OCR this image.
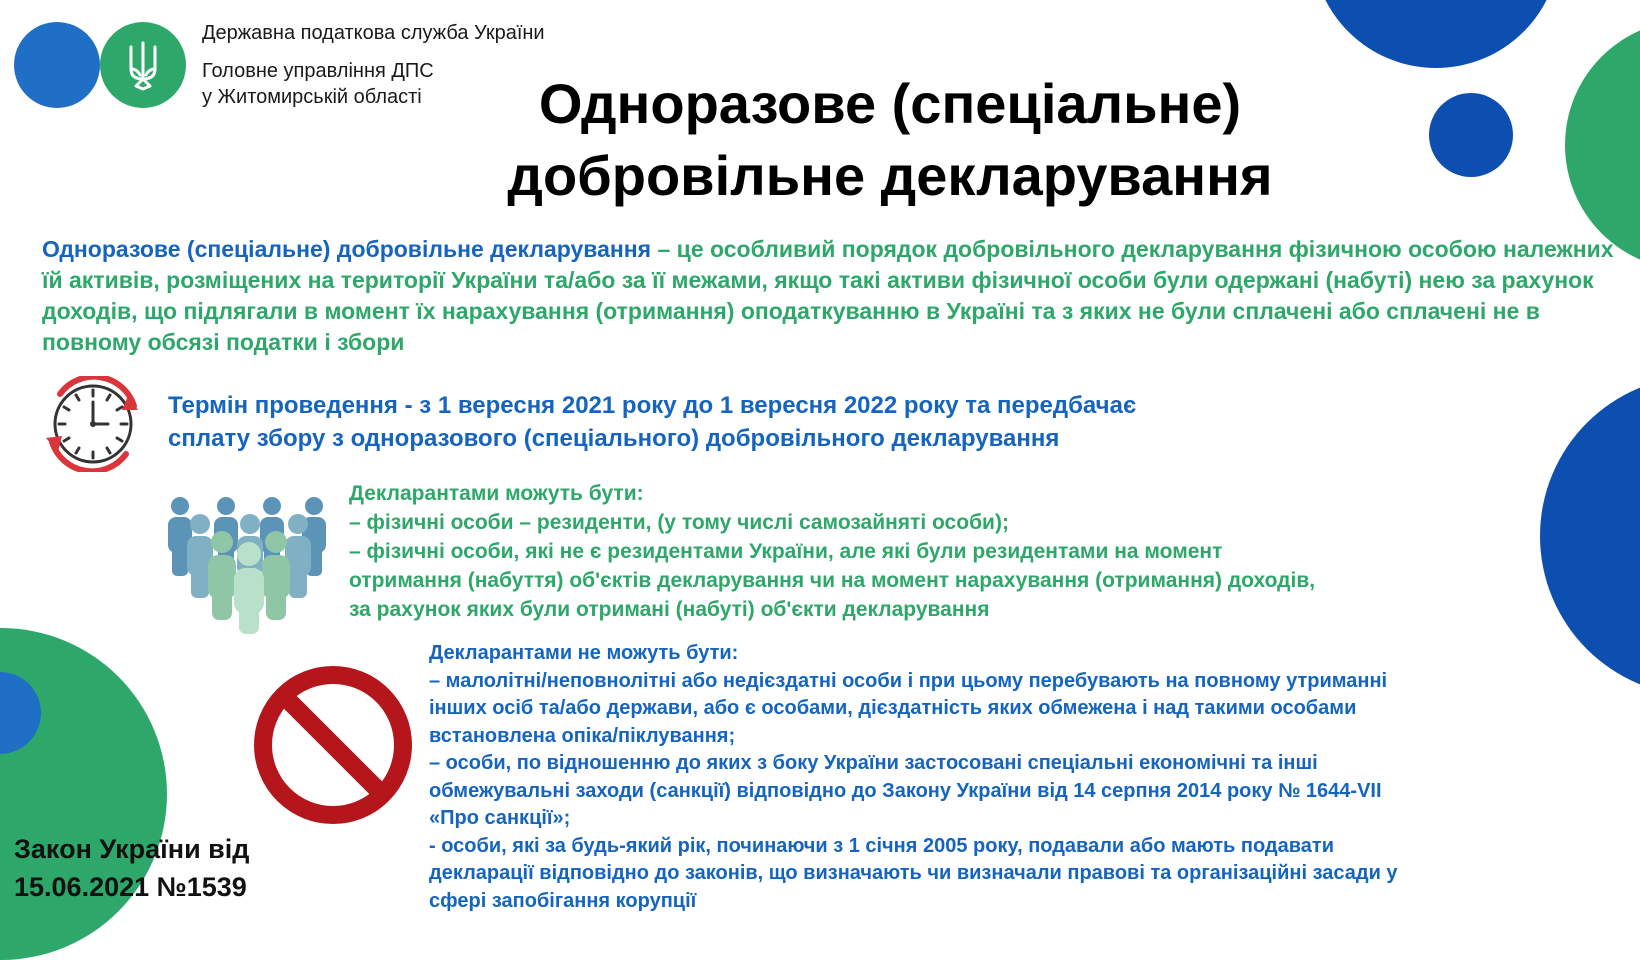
Державна податкова служба України
Головне управління ДПС
у Житомирській області	Одноразове (спеціальне)
добровільне декларування
Одноразове (спеціальне) добровільне декларування – це особливий порядок добровільного декларування фізичною особою належних їй активів, розміщених на території України та/або за її межами, якщо такі активи фізичної особи були одержані (набуті) нею за рахунок доходів, що підлягали в момент їх нарахування (отримання) оподаткуванню в Україні та з яких не були сплачені або сплачені не в повному обсязі податки і збори
Термін проведення - з 1 вересня 2021 року до 1 вересня 2022 року та передбачає
сплату збору з одноразового (спеціального) добровільного декларування
Декларантами можуть бути:
– фізичні особи – резиденти, (у тому числі самозайняті особи);
– фізичні особи, які не є резидентами України, але які були резидентами на момент
отримання (набуття) об'єктів декларування чи на момент нарахування (отримання) доходів,
за рахунок яких були отримані (набуті) об'єкти декларування
Декларантами не можуть бути:
– малолітні/неповнолітні або недієздатні особи і при цьому перебувають на повному утриманні
інших осіб та/або держави, або є особами, дієздатність яких обмежена і над такими особами
встановлена опіка/піклування;
– особи, по відношенню до яких з боку України застосовані спеціальні економічні та інші
обмежувальні заходи (санкції) відповідно до Закону України від 14 серпня 2014 року № 1644-VII
«Про санкції»;
- особи, які за будь-який рік, починаючи з 1 січня 2005 року, подавали або мають подавати
декларації відповідно до законів, що визначають чи визначали правові та організаційні засади у
сфері запобігання корупції
Закон України від
15.06.2021 №1539
